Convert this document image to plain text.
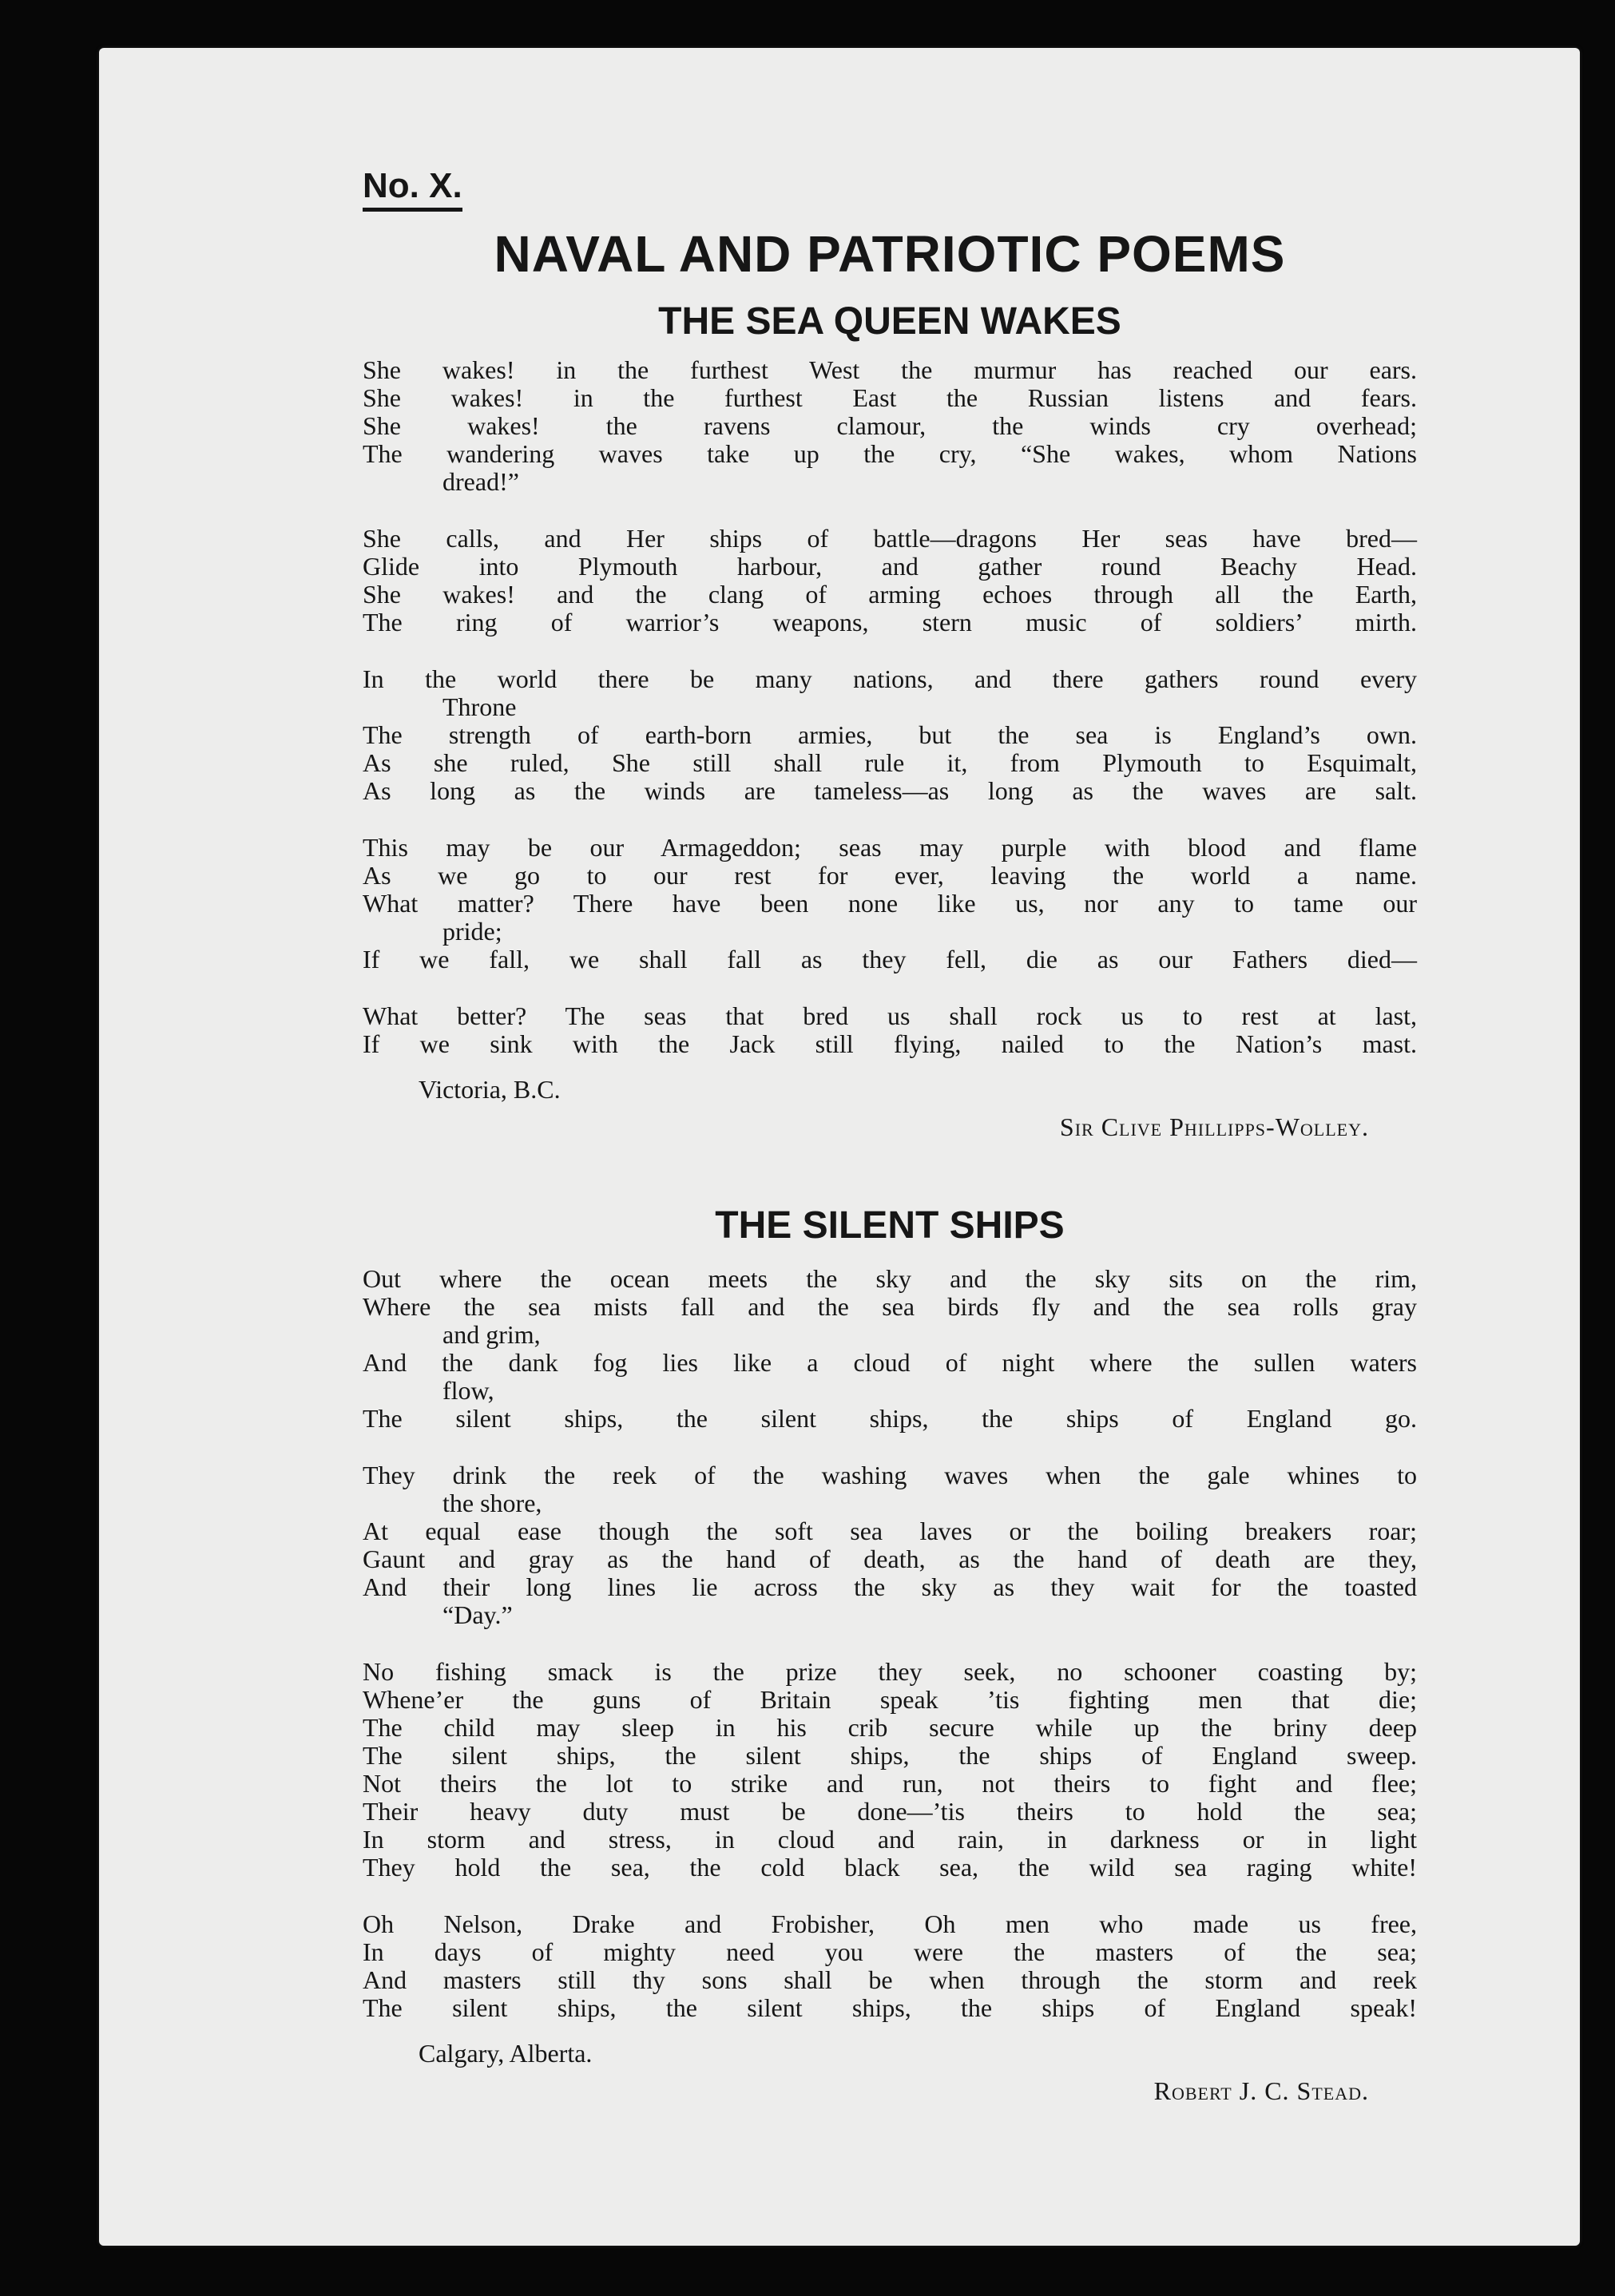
No. X.
NAVAL AND PATRIOTIC POEMS
THE SEA QUEEN WAKES
She wakes! in the furthest West the murmur has reached our ears.
She wakes! in the furthest East the Russian listens and fears.
She wakes! the ravens clamour, the winds cry overhead;
The wandering waves take up the cry, “She wakes, whom Nations
dread!”
She calls, and Her ships of battle—dragons Her seas have bred—
Glide into Plymouth harbour, and gather round Beachy Head.
She wakes! and the clang of arming echoes through all the Earth,
The ring of warrior’s weapons, stern music of soldiers’ mirth.
In the world there be many nations, and there gathers round every
Throne
The strength of earth-born armies, but the sea is England’s own.
As she ruled, She still shall rule it, from Plymouth to Esquimalt,
As long as the winds are tameless—as long as the waves are salt.
This may be our Armageddon; seas may purple with blood and flame
As we go to our rest for ever, leaving the world a name.
What matter? There have been none like us, nor any to tame our
pride;
If we fall, we shall fall as they fell, die as our Fathers died—
What better? The seas that bred us shall rock us to rest at last,
If we sink with the Jack still flying, nailed to the Nation’s mast.
Victoria, B.C.
Sir Clive Phillipps-Wolley.
THE SILENT SHIPS
Out where the ocean meets the sky and the sky sits on the rim,
Where the sea mists fall and the sea birds fly and the sea rolls gray
and grim,
And the dank fog lies like a cloud of night where the sullen waters
flow,
The silent ships, the silent ships, the ships of England go.
They drink the reek of the washing waves when the gale whines to
the shore,
At equal ease though the soft sea laves or the boiling breakers roar;
Gaunt and gray as the hand of death, as the hand of death are they,
And their long lines lie across the sky as they wait for the toasted
“Day.”
No fishing smack is the prize they seek, no schooner coasting by;
Whene’er the guns of Britain speak ’tis fighting men that die;
The child may sleep in his crib secure while up the briny deep
The silent ships, the silent ships, the ships of England sweep.
Not theirs the lot to strike and run, not theirs to fight and flee;
Their heavy duty must be done—’tis theirs to hold the sea;
In storm and stress, in cloud and rain, in darkness or in light
They hold the sea, the cold black sea, the wild sea raging white!
Oh Nelson, Drake and Frobisher, Oh men who made us free,
In days of mighty need you were the masters of the sea;
And masters still thy sons shall be when through the storm and reek
The silent ships, the silent ships, the ships of England speak!
Calgary, Alberta.
Robert J. C. Stead.
